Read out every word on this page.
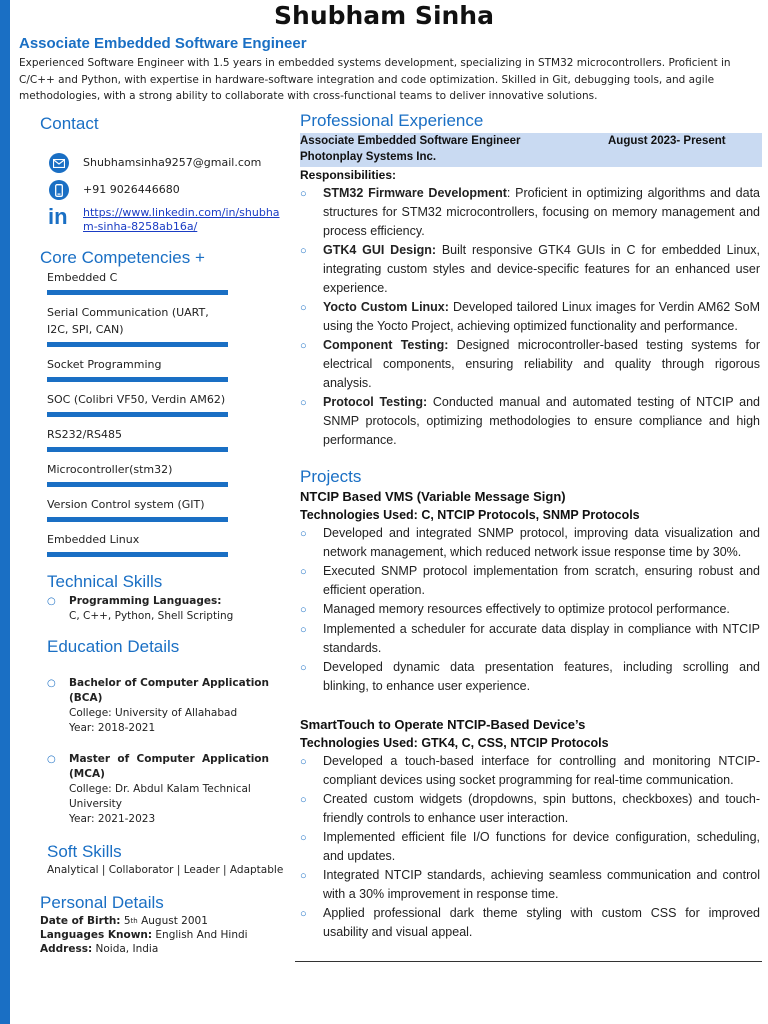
Shubham Sinha
Associate Embedded Software Engineer
Experienced Software Engineer with 1.5 years in embedded systems development, specializing in STM32 microcontrollers. Proficient in C/C++ and Python, with expertise in hardware-software integration and code optimization. Skilled in Git, debugging tools, and agile methodologies, with a strong ability to collaborate with cross-functional teams to deliver innovative solutions.
Contact
Shubhamsinha9257@gmail.com
+91 9026446680
in https://www.linkedin.com/in/shubham-sinha-8258ab16a/
Core Competencies +
Embedded C
Serial Communication (UART, I2C, SPI, CAN)
Socket Programming
SOC (Colibri VF50, Verdin AM62)
RS232/RS485
Microcontroller(stm32)
Version Control system (GIT)
Embedded Linux
Technical Skills
○	Programming Languages:
C, C++, Python, Shell Scripting
Education Details
○	Bachelor of Computer Application (BCA)
College: University of Allahabad
Year: 2018-2021
○	Master of Computer Application (MCA)
College: Dr. Abdul Kalam Technical University
Year: 2021-2023
Soft Skills
Analytical | Collaborator | Leader | Adaptable
Personal Details
Date of Birth:
5 th
August 2001
Languages Known:
English And Hindi
Address:
Noida, India
Professional Experience
Associate Embedded Software Engineer	August 2023- Present
Photonplay Systems Inc.
Responsibilities:
○	STM32 Firmware Development: Proficient in optimizing algorithms and data structures for STM32 microcontrollers, focusing on memory management and process efficiency.
○	GTK4 GUI Design: Built responsive GTK4 GUIs in C for embedded Linux, integrating custom styles and device-specific features for an enhanced user experience.
○	Yocto Custom Linux: Developed tailored Linux images for Verdin AM62 SoM using the Yocto Project, achieving optimized functionality and performance.
○	Component Testing: Designed microcontroller-based testing systems for electrical components, ensuring reliability and quality through rigorous analysis.
○	Protocol Testing: Conducted manual and automated testing of NTCIP and SNMP protocols, optimizing methodologies to ensure compliance and high performance.
Projects
NTCIP Based VMS (Variable Message Sign)
Technologies Used: C, NTCIP Protocols, SNMP Protocols
○	Developed and integrated SNMP protocol, improving data visualization and network management, which reduced network issue response time by 30%.
○	Executed SNMP protocol implementation from scratch, ensuring robust and efficient operation.
○	Managed memory resources effectively to optimize protocol performance.
○	Implemented a scheduler for accurate data display in compliance with NTCIP standards.
○	Developed dynamic data presentation features, including scrolling and blinking, to enhance user experience.
SmartTouch to Operate NTCIP-Based Device’s
Technologies Used: GTK4, C, CSS, NTCIP Protocols
○	Developed a touch-based interface for controlling and monitoring NTCIP-compliant devices using socket programming for real-time communication.
○	Created custom widgets (dropdowns, spin buttons, checkboxes) and touch-friendly controls to enhance user interaction.
○	Implemented efficient file I/O functions for device configuration, scheduling, and updates.
○	Integrated NTCIP standards, achieving seamless communication and control with a 30% improvement in response time.
○	Applied professional dark theme styling with custom CSS for improved usability and visual appeal.
